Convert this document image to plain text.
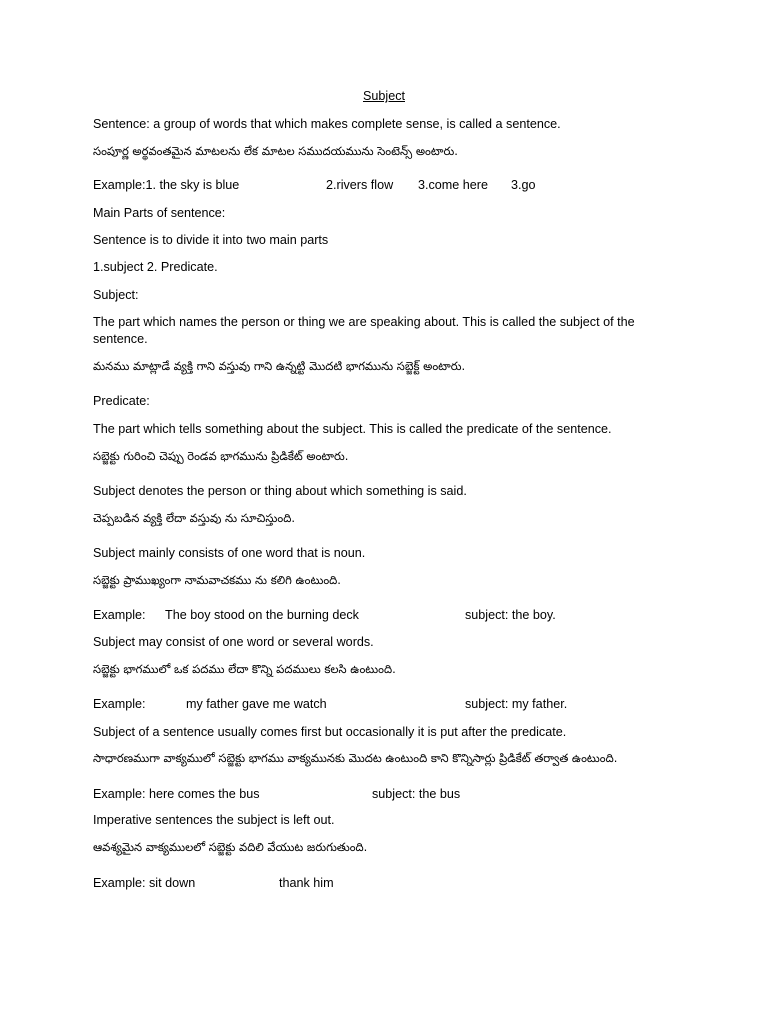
Subject
Sentence: a group of words that which makes complete sense, is called a sentence.
సంపూర్ణ అర్థవంతమైన మాటలను లేక మాటల సముదయమును సెంటెన్స్ అంటారు.
Example:1. the sky is blue	2.rivers flow 3.come here 3.go
Main Parts of sentence:
Sentence is to divide it into two main parts
1.subject 2. Predicate.
Subject:
The part which names the person or thing we are speaking about. This is called the subject of the sentence.
మనము మాట్లాడే వ్యక్తి గాని వస్తువు గాని ఉన్నట్టి మొదటి భాగమును సబ్జెక్ట్ అంటారు.
Predicate:
The part which tells something about the subject. This is called the predicate of the sentence.
సబ్జెక్టు గురించి చెప్పు రెండవ భాగమును ప్రిడికేట్ అంటారు.
Subject denotes the person or thing about which something is said.
చెప్పబడిన వ్యక్తి లేదా వస్తువు ను సూచిస్తుంది.
Subject mainly consists of one word that is noun.
సబ్జెక్టు ప్రాముఖ్యంగా నామవాచకము ను కలిగి ఉంటుంది.
Example: The boy stood on the burning deck	subject: the boy.
Subject may consist of one word or several words.
సబ్జెక్టు భాగములో ఒక పదము లేదా కొన్ని పదములు కలసి ఉంటుంది.
Example:	my father gave me watch	subject: my father.
Subject of a sentence usually comes first but occasionally it is put after the predicate.
సాధారణముగా వాక్యములో సబ్జెక్టు భాగము వాక్యమునకు మొదట ఉంటుంది కాని కొన్నిసార్లు ప్రిడికేట్ తర్వాత ఉంటుంది.
Example: here comes the bus	subject: the bus
Imperative sentences the subject is left out.
ఆవశ్యమైన వాక్యములలో సబ్జెక్టు వదిలి వేయుట జరుగుతుంది.
Example: sit down	thank him
